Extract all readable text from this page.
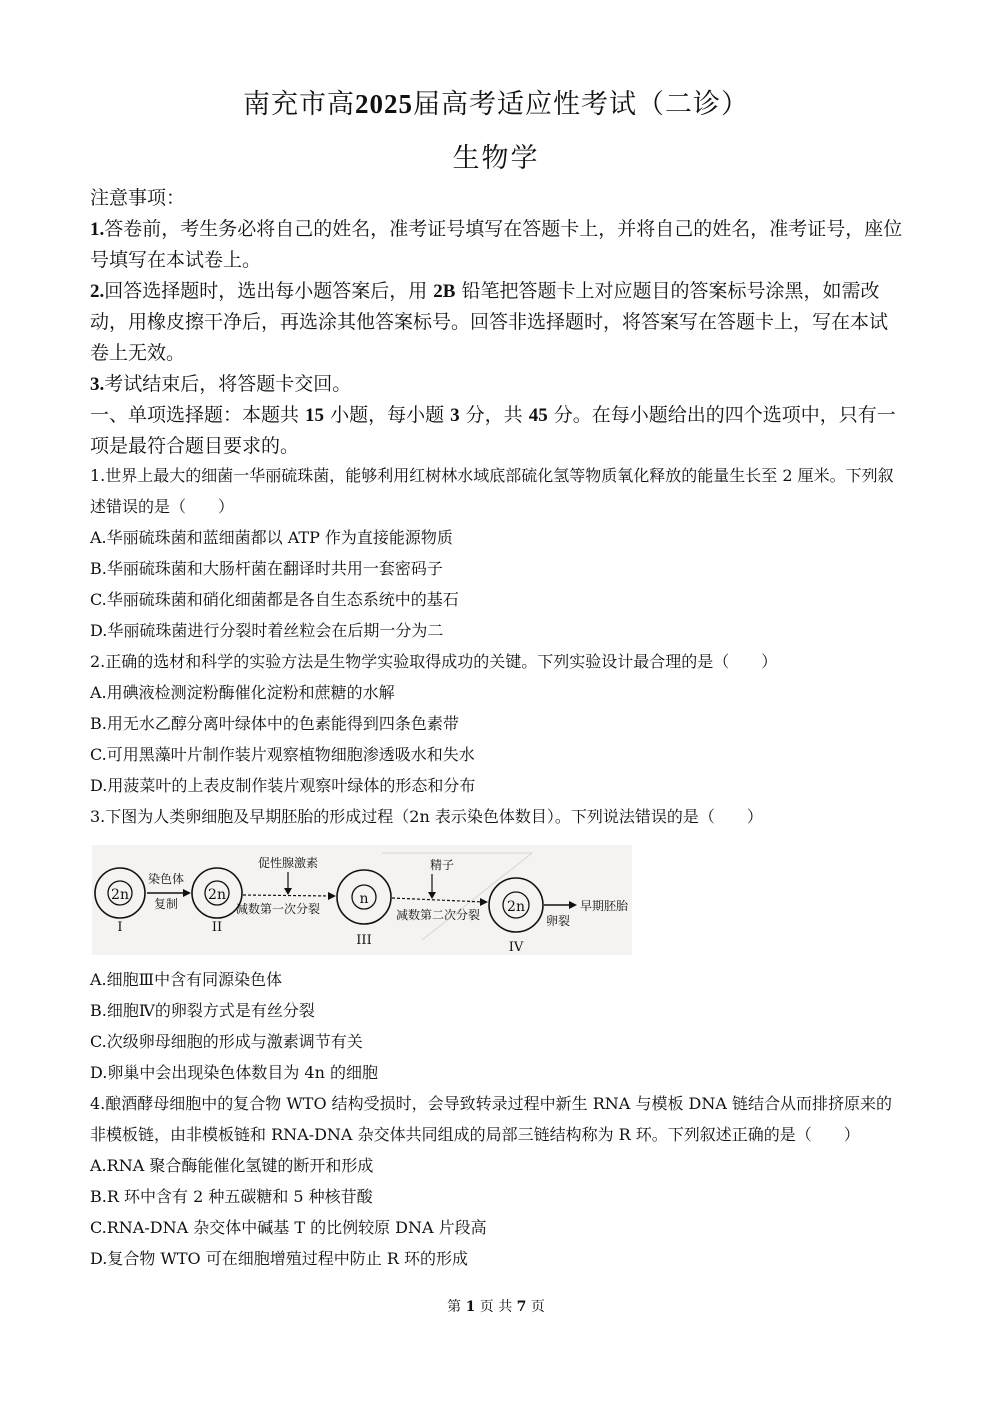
南充市高2025届高考适应性考试（二诊）
生物学

注意事项：

1.答卷前，考生务必将自己的姓名，准考证号填写在答题卡上，并将自己的姓名，准考证号，座位号填写在本试卷上。

2.回答选择题时，选出每小题答案后，用 2B 铅笔把答题卡上对应题目的答案标号涂黑，如需改动，用橡皮擦干净后，再选涂其他答案标号。回答非选择题时，将答案写在答题卡上，写在本试卷上无效。

3.考试结束后，将答题卡交回。

一、单项选择题：本题共 15 小题，每小题 3 分，共 45 分。在每小题给出的四个选项中，只有一项是最符合题目要求的。

1.世界上最大的细菌一华丽硫珠菌，能够利用红树林水域底部硫化氢等物质氧化释放的能量生长至 2 厘米。下列叙述错误的是（　　）

A.华丽硫珠菌和蓝细菌都以 ATP 作为直接能源物质

B.华丽硫珠菌和大肠杆菌在翻译时共用一套密码子

C.华丽硫珠菌和硝化细菌都是各自生态系统中的基石

D.华丽硫珠菌进行分裂时着丝粒会在后期一分为二

2.正确的选材和科学的实验方法是生物学实验取得成功的关键。下列实验设计最合理的是（　　）

A.用碘液检测淀粉酶催化淀粉和蔗糖的水解

B.用无水乙醇分离叶绿体中的色素能得到四条色素带

C.可用黑藻叶片制作装片观察植物细胞渗透吸水和失水

D.用菠菜叶的上表皮制作装片观察叶绿体的形态和分布

3.下图为人类卵细胞及早期胚胎的形成过程（2n 表示染色体数目）。下列说法错误的是（　　）

2n
I
2n
II
n
III
2n
IV
染色体
复制
促性腺激素
减数第一次分裂
精子
减数第二次分裂
早期胚胎
卵裂

A.细胞Ⅲ中含有同源染色体

B.细胞Ⅳ的卵裂方式是有丝分裂

C.次级卵母细胞的形成与激素调节有关

D.卵巢中会出现染色体数目为 4n 的细胞

4.酿酒酵母细胞中的复合物 WTO 结构受损时，会导致转录过程中新生 RNA 与模板 DNA 链结合从而排挤原来的非模板链，由非模板链和 RNA-DNA 杂交体共同组成的局部三链结构称为 R 环。下列叙述正确的是（　　）

A.RNA 聚合酶能催化氢键的断开和形成

B.R 环中含有 2 种五碳糖和 5 种核苷酸

C.RNA-DNA 杂交体中碱基 T 的比例较原 DNA 片段高

D.复合物 WTO 可在细胞增殖过程中防止 R 环的形成

第 1 页 共 7 页
